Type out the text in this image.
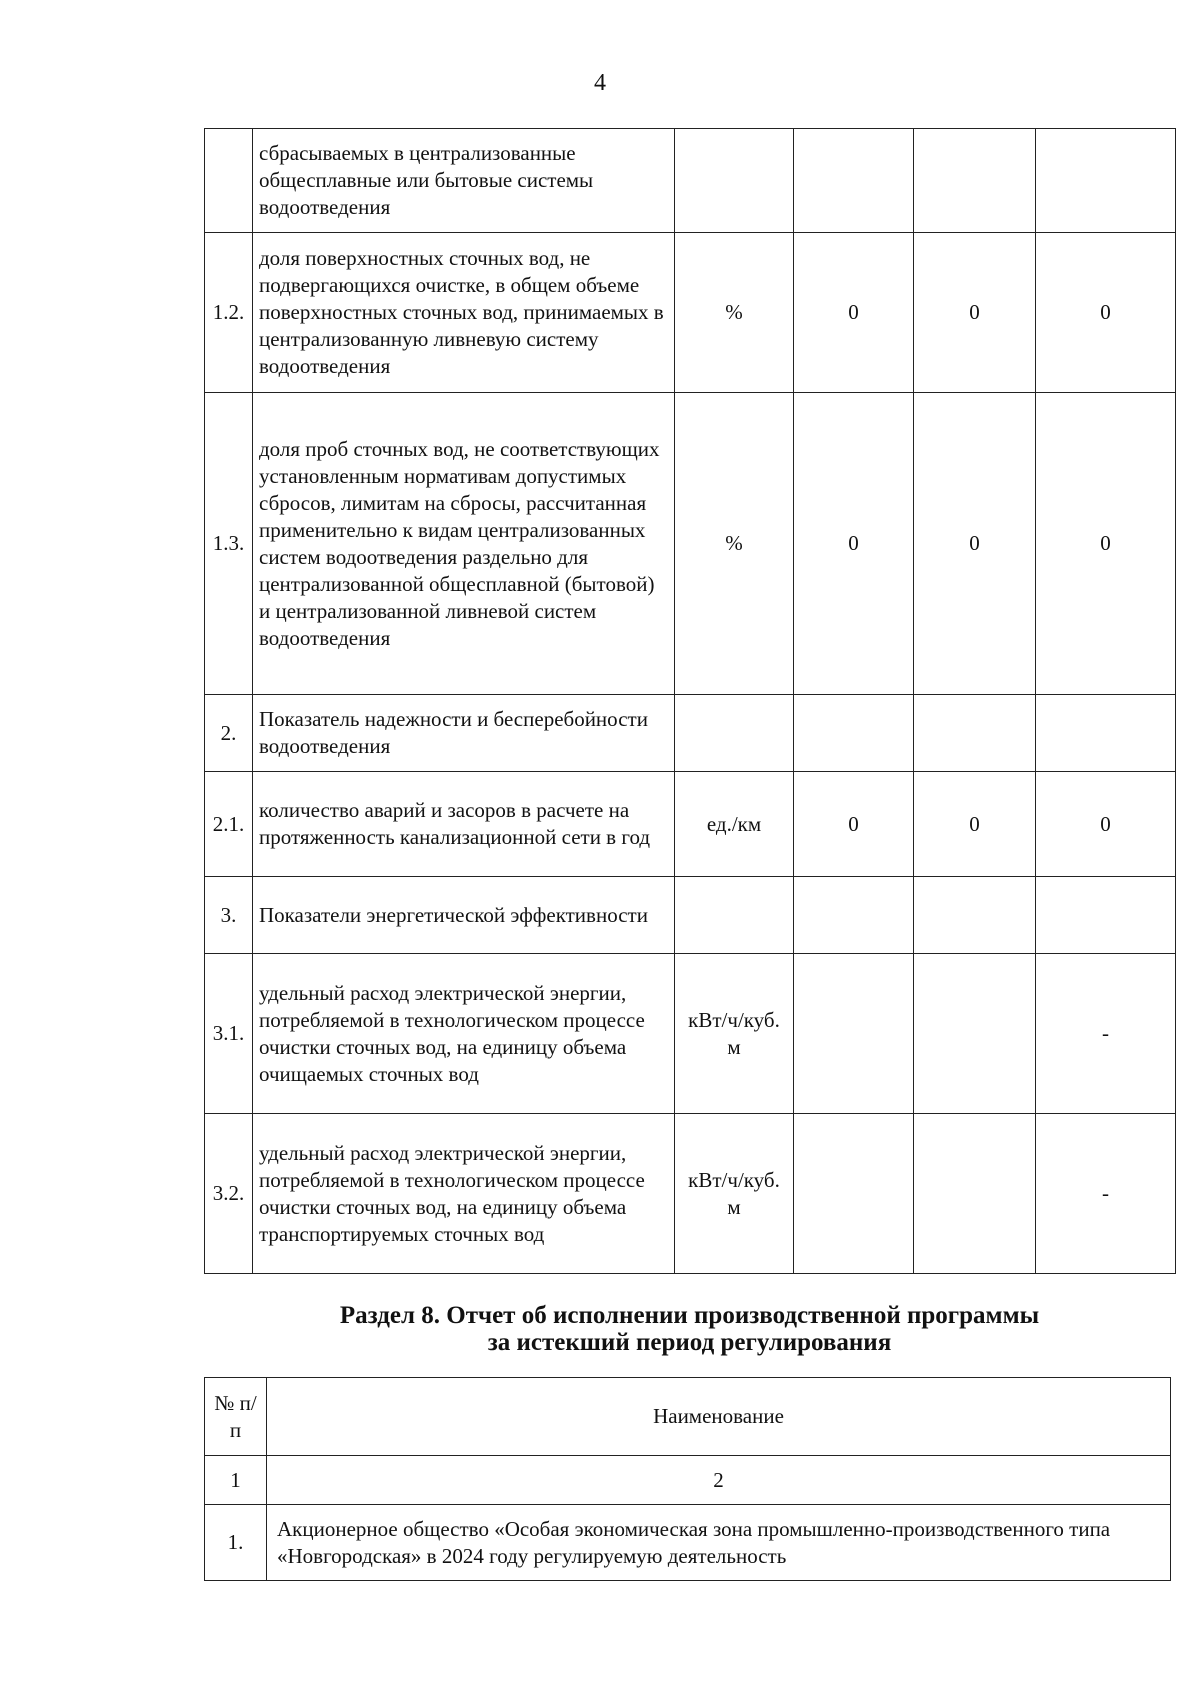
4
	сбрасываемых в централизованные общесплавные или бытовые системы водоотведения				
1.2.	доля поверхностных сточных вод, не подвергающихся очистке, в общем объеме поверхностных сточных вод, принимаемых в централизованную ливневую систему водоотведения	%	0	0	0
1.3.	доля проб сточных вод, не соответствующих установленным нормативам допустимых сбросов, лимитам на сбросы, рассчитанная применительно к видам централизованных систем водоотведения раздельно для централизованной общесплавной (бытовой) и централизованной ливневой систем водоотведения	%	0	0	0
2.	Показатель надежности и бесперебойности водоотведения				
2.1.	количество аварий и засоров в расчете на протяженность канализационной сети в год	ед./км	0	0	0
3.	Показатели энергетической эффективности				
3.1.	удельный расход электрической энергии, потребляемой в технологическом процессе очистки сточных вод, на единицу объема очищаемых сточных вод	кВт/ч/куб. м			-
3.2.	удельный расход электрической энергии, потребляемой в технологическом процессе очистки сточных вод, на единицу объема транспортируемых сточных вод	кВт/ч/куб. м			-
Раздел 8. Отчет об исполнении производственной программы
за истекший период регулирования
№ п/п	Наименование
1	2
1.	Акционерное общество «Особая экономическая зона промышленно-производственного типа «Новгородская» в 2024 году регулируемую деятельность
